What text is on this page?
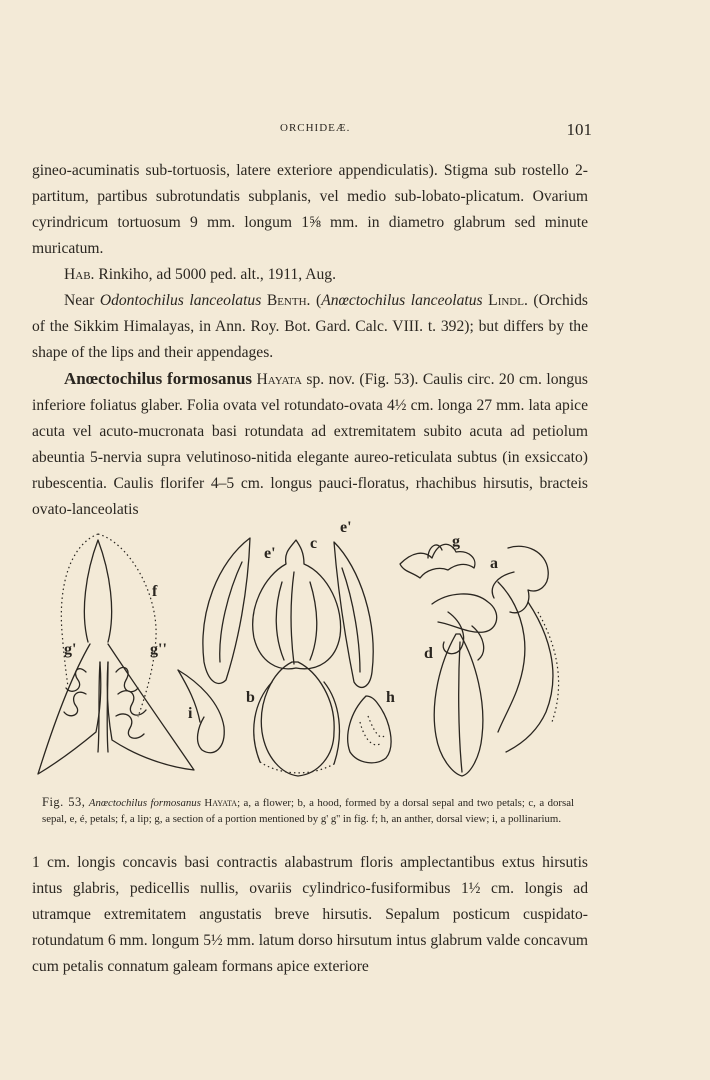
ORCHIDEÆ.	101

gineo-acuminatis sub-tortuosis, latere exteriore appendiculatis). Stigma sub rostello 2-partitum, partibus subrotundatis subplanis, vel medio sub-lobato-plicatum. Ovarium cyrindricum tortuosum 9 mm. longum 1⅝ mm. in diametro glabrum sed minute muricatum.

Hab. Rinkiho, ad 5000 ped. alt., 1911, Aug.

Near Odontochilus lanceolatus Benth. (Anœctochilus lanceolatus Lindl. (Orchids of the Sikkim Himalayas, in Ann. Roy. Bot. Gard. Calc. VIII. t. 392); but differs by the shape of the lips and their appendages.

Anœctochilus formosanus Hayata sp. nov. (Fig. 53). Caulis circ. 20 cm. longus inferiore foliatus glaber. Folia ovata vel rotundato-ovata 4½ cm. longa 27 mm. lata apice acuta vel acuto-mucronata basi rotundata ad extremitatem subito acuta ad petiolum abeuntia 5-nervia supra velutinoso-nitida elegante aureo-reticulata subtus (in exsiccato) rubescentia. Caulis florifer 4–5 cm. longus pauci-floratus, rhachibus hirsutis, bracteis ovato-lanceolatis

f
g'	g''
i
e'
c
e'
b	h
g
a
d
Fig. 53, Anœctochilus formosanus Hayata; a, a flower; b, a hood, formed by a dorsal sepal and two petals; c, a dorsal sepal, e, é, petals; f, a lip; g, a section of a portion mentioned by g' g'' in fig. f; h, an anther, dorsal view; i, a pollinarium.

1 cm. longis concavis basi contractis alabastrum floris amplectantibus extus hirsutis intus glabris, pedicellis nullis, ovariis cylindrico-fusiformibus 1½ cm. longis ad utramque extremitatem angustatis breve hirsutis. Sepalum posticum cuspidato-rotundatum 6 mm. longum 5½ mm. latum dorso hirsutum intus glabrum valde concavum cum petalis connatum galeam formans apice exteriore
